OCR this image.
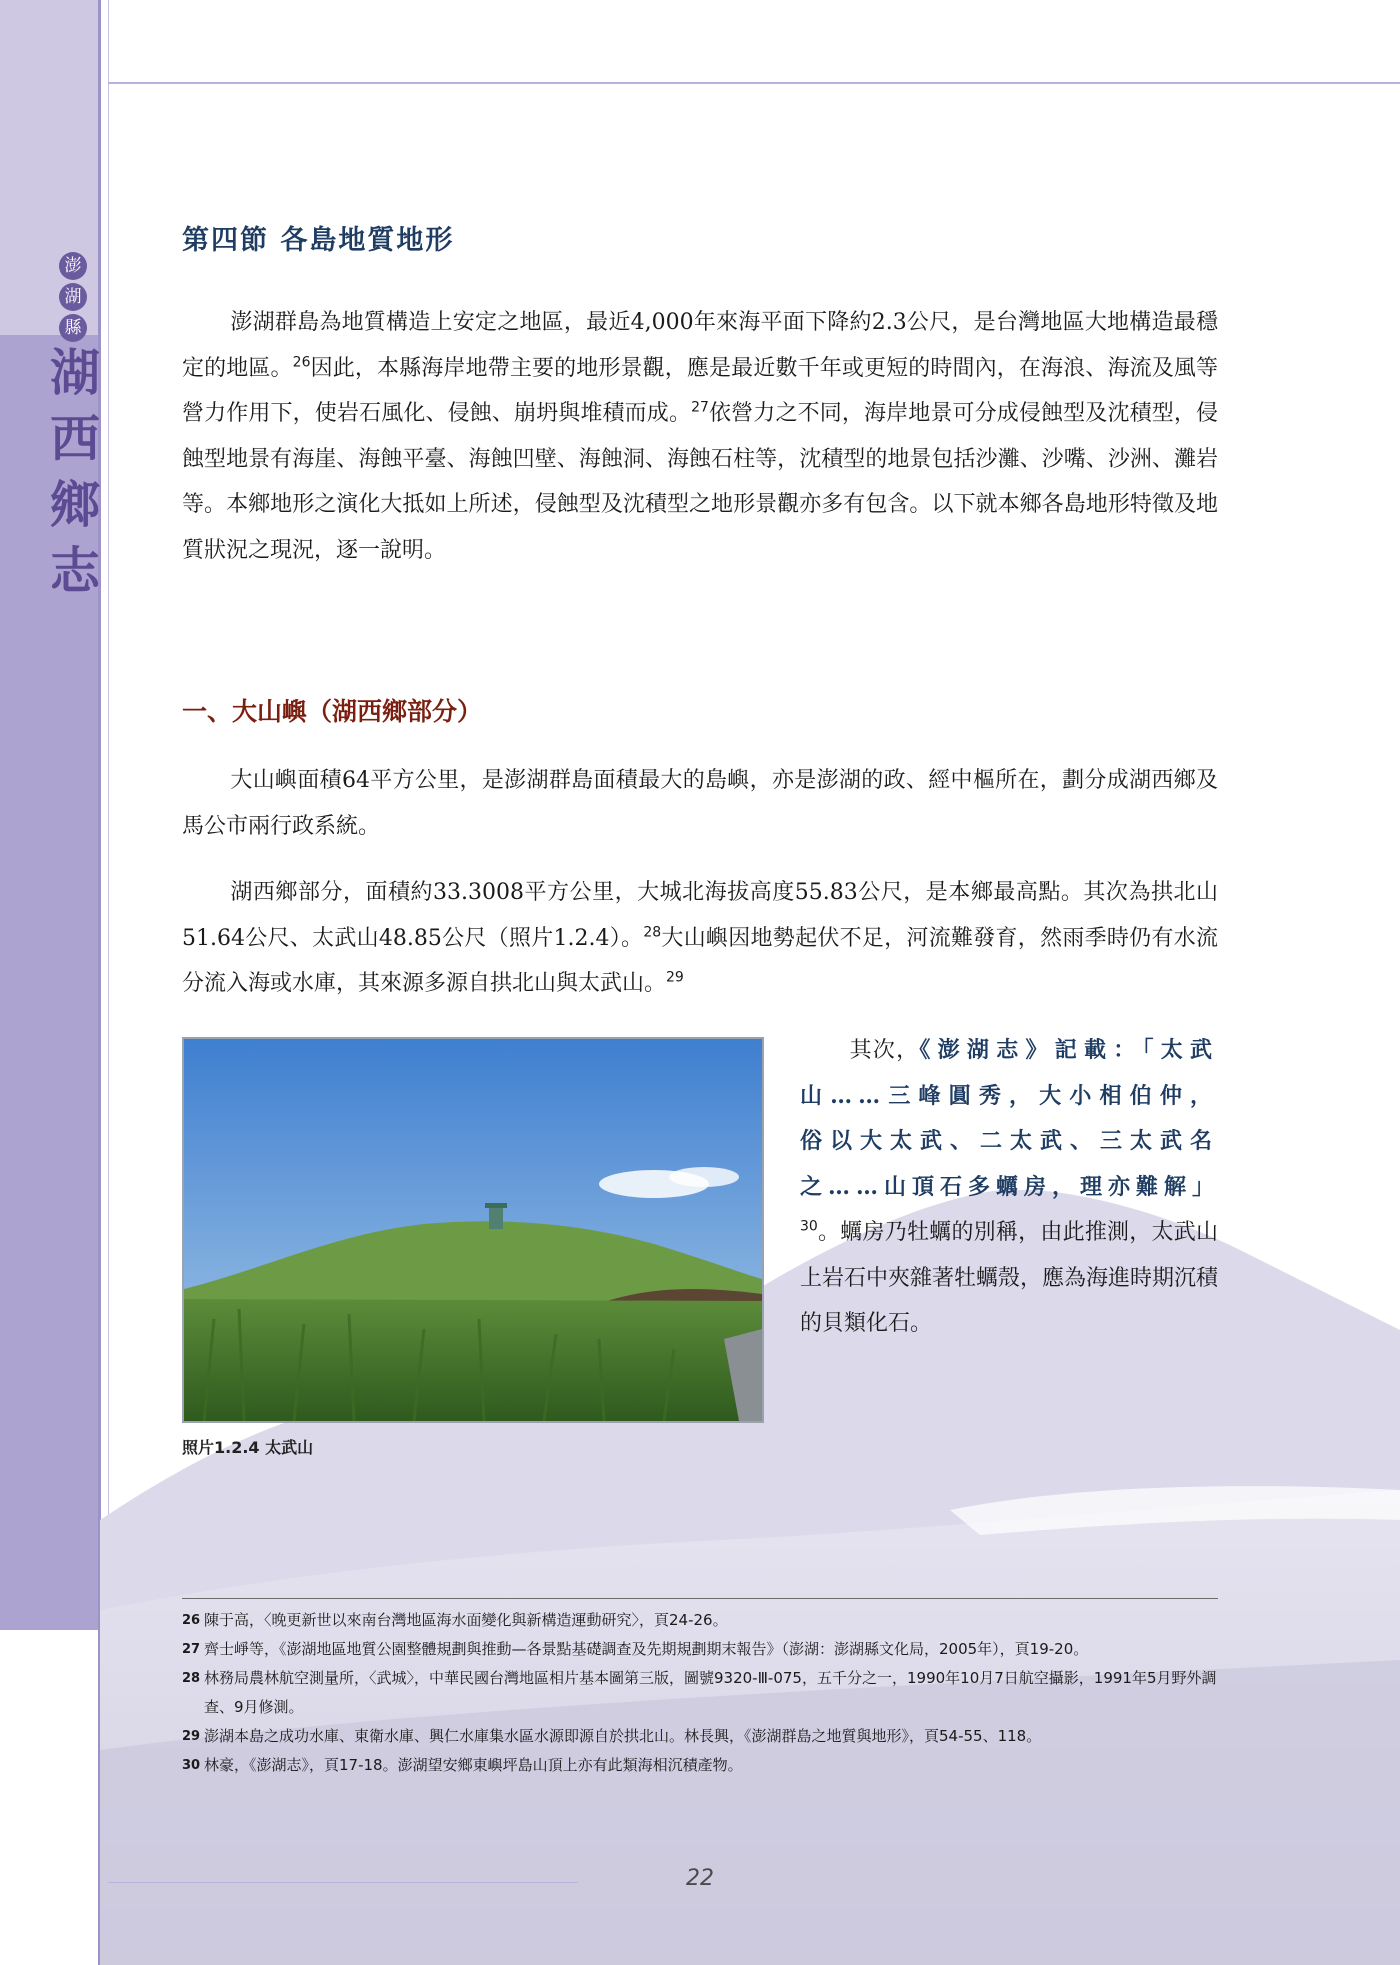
澎
湖
縣
湖
西
鄉
志
第四節 各島地質地形

澎湖群島為地質構造上安定之地區，最近4,000年來海平面下降約2.3公尺，是台灣地區大地構造最穩定的地區。$^{26}$因此，本縣海岸地帶主要的地形景觀，應是最近數千年或更短的時間內，在海浪、海流及風等營力作用下，使岩石風化、侵蝕、崩坍與堆積而成。$^{27}$依營力之不同，海岸地景可分成侵蝕型及沈積型，侵蝕型地景有海崖、海蝕平臺、海蝕凹壁、海蝕洞、海蝕石柱等，沈積型的地景包括沙灘、沙嘴、沙洲、灘岩等。本鄉地形之演化大抵如上所述，侵蝕型及沈積型之地形景觀亦多有包含。以下就本鄉各島地形特徵及地質狀況之現況，逐一說明。

一、大山嶼（湖西鄉部分）

大山嶼面積64平方公里，是澎湖群島面積最大的島嶼，亦是澎湖的政、經中樞所在，劃分成湖西鄉及馬公市兩行政系統。

湖西鄉部分，面積約33.3008平方公里，大城北海拔高度55.83公尺，是本鄉最高點。其次為拱北山51.64公尺、太武山48.85公尺（照片1.2.4）。$^{28}$大山嶼因地勢起伏不足，河流難發育，然雨季時仍有水流分流入海或水庫，其來源多源自拱北山與太武山。$^{29}$

照片1.2.4 太武山

其次，《澎湖志》記載：「太武山……三峰圓秀，大小相伯仲，俗以大太武、二太武、三太武名之……山頂石多蠣房，理亦難解」$^{30}$。蠣房乃牡蠣的別稱，由此推測，太武山上岩石中夾雜著牡蠣殼，應為海進時期沉積的貝類化石。

26 陳于高，〈晚更新世以來南台灣地區海水面變化與新構造運動研究〉，頁24-26。
27 齊士崢等，《澎湖地區地質公園整體規劃與推動—各景點基礎調查及先期規劃期末報告》（澎湖：澎湖縣文化局，2005年），頁19-20。
28 林務局農林航空測量所，〈武城〉，中華民國台灣地區相片基本圖第三版，圖號9320-Ⅲ-075，五千分之一，1990年10月7日航空攝影，1991年5月野外調查、9月修測。
29 澎湖本島之成功水庫、東衛水庫、興仁水庫集水區水源即源自於拱北山。林長興，《澎湖群島之地質與地形》，頁54-55、118。
30 林豪，《澎湖志》，頁17-18。澎湖望安鄉東嶼坪島山頂上亦有此類海相沉積產物。

22
